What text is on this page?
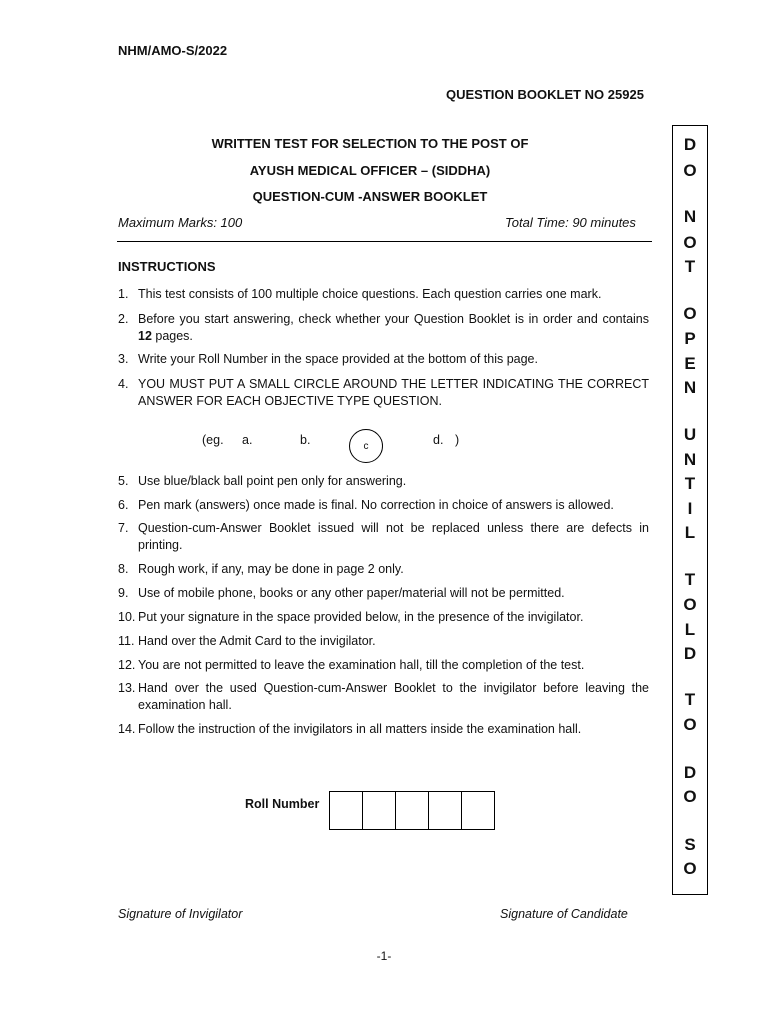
NHM/AMO-S/2022
QUESTION BOOKLET NO 25925
WRITTEN TEST FOR SELECTION TO THE POST OF
AYUSH MEDICAL OFFICER – (SIDDHA)
QUESTION-CUM -ANSWER BOOKLET
Maximum Marks: 100	Total Time: 90 minutes
INSTRUCTIONS
1. This test consists of 100 multiple choice questions. Each question carries one mark.
2. Before you start answering, check whether your Question Booklet is in order and contains 12 pages.
3. Write your Roll Number in the space provided at the bottom of this page.
4. YOU MUST PUT A SMALL CIRCLE AROUND THE LETTER INDICATING THE CORRECT ANSWER FOR EACH OBJECTIVE TYPE QUESTION.
(eg. a.	b.	c	d. )
5. Use blue/black ball point pen only for answering.
6. Pen mark (answers) once made is final. No correction in choice of answers is allowed.
7. Question-cum-Answer Booklet issued will not be replaced unless there are defects in printing.
8. Rough work, if any, may be done in page 2 only.
9. Use of mobile phone, books or any other paper/material will not be permitted.
10. Put your signature in the space provided below, in the presence of the invigilator.
11. Hand over the Admit Card to the invigilator.
12. You are not permitted to leave the examination hall, till the completion of the test.
13. Hand over the used Question-cum-Answer Booklet to the invigilator before leaving the examination hall.
14. Follow the instruction of the invigilators in all matters inside the examination hall.
Roll Number
D
O
N
O
T
O
P
E
N
U
N
T
I
L
T
O
L
D
T
O
D
O
S
O
Signature of Invigilator	Signature of Candidate
-1-
